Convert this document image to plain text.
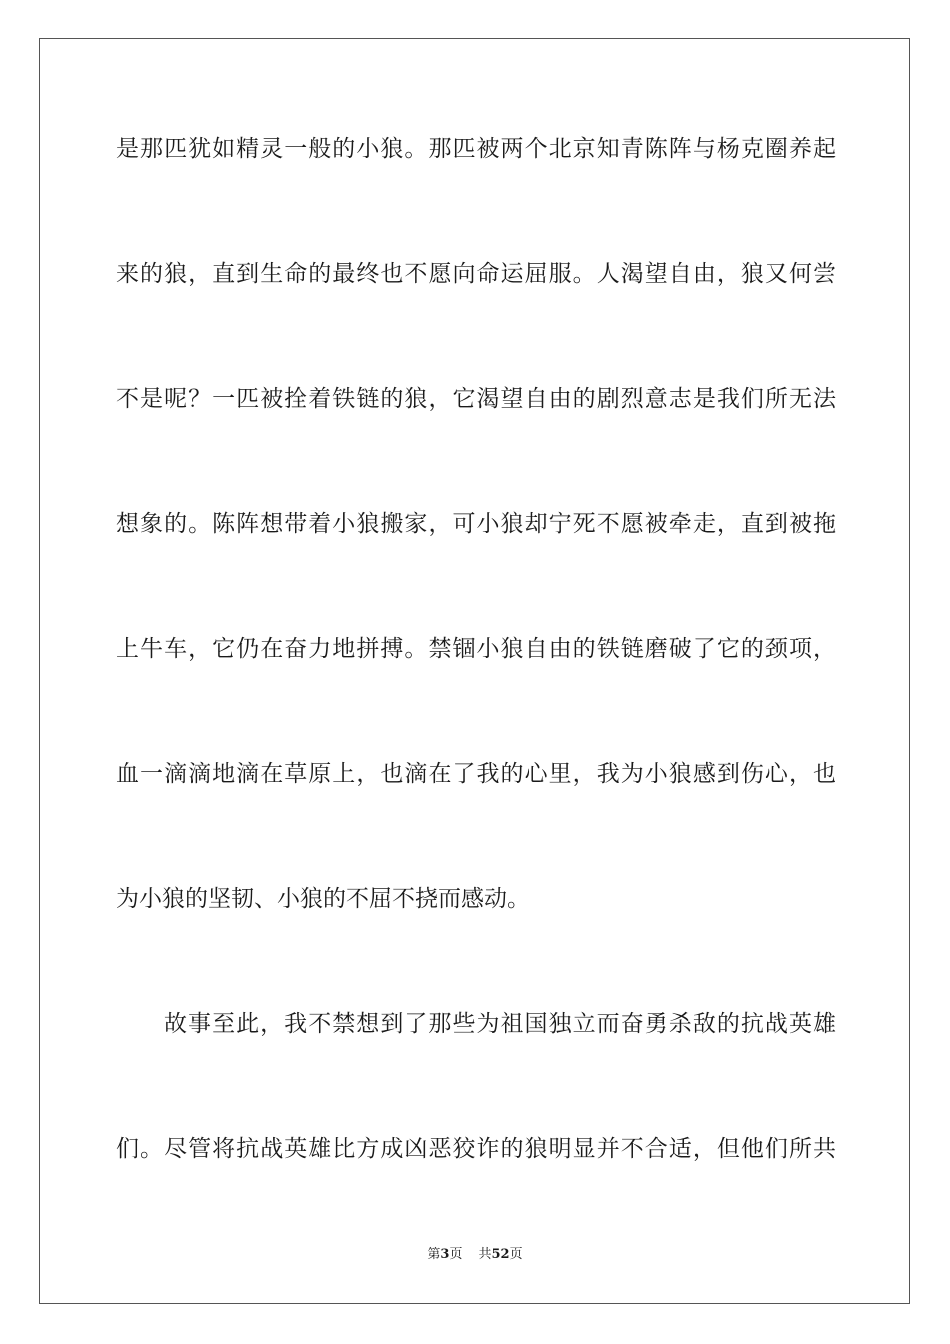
是那匹犹如精灵一般的小狼。那匹被两个北京知青陈阵与杨克圈养起
来的狼，直到生命的最终也不愿向命运屈服。人渴望自由，狼又何尝
不是呢？一匹被拴着铁链的狼，它渴望自由的剧烈意志是我们所无法
想象的。陈阵想带着小狼搬家，可小狼却宁死不愿被牵走，直到被拖
上牛车，它仍在奋力地拼搏。禁锢小狼自由的铁链磨破了它的颈项，
血一滴滴地滴在草原上，也滴在了我的心里，我为小狼感到伤心，也
为小狼的坚韧、小狼的不屈不挠而感动。
故事至此，我不禁想到了那些为祖国独立而奋勇杀敌的抗战英雄
们。尽管将抗战英雄比方成凶恶狡诈的狼明显并不合适，但他们所共
第3页 共52页
